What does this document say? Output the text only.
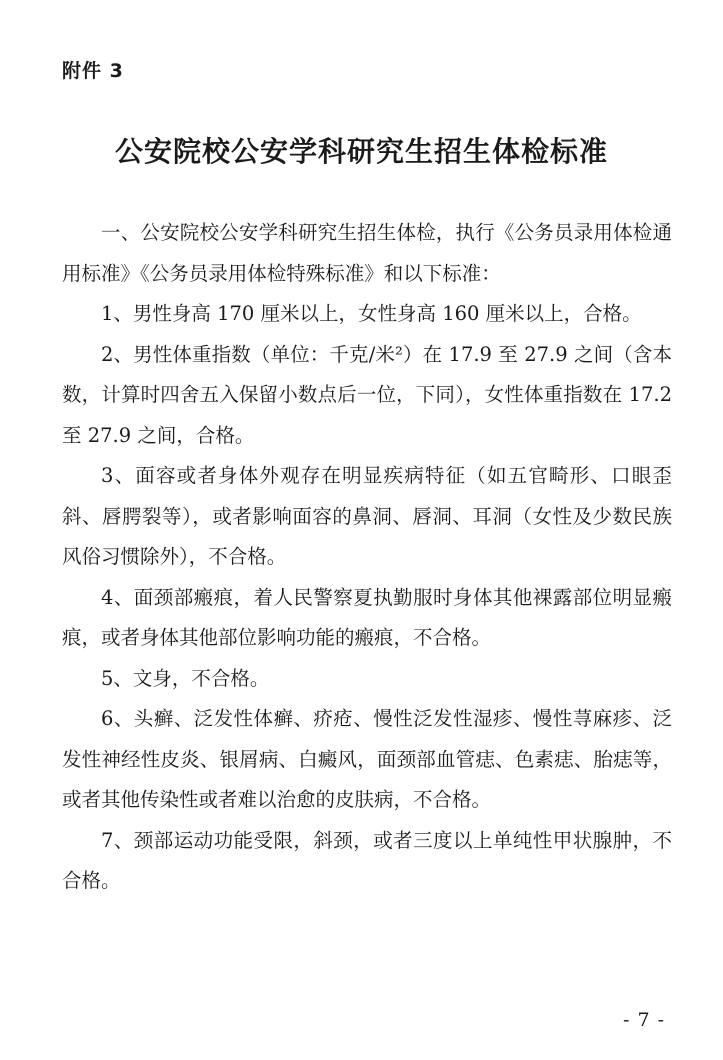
附件 3
公安院校公安学科研究生招生体检标准

一、公安院校公安学科研究生招生体检，执行《公务员录用体检通用标准》《公务员录用体检特殊标准》和以下标准：

1、男性身高 170 厘米以上，女性身高 160 厘米以上，合格。

2、男性体重指数（单位：千克/米²）在 17.9 至 27.9 之间（含本数，计算时四舍五入保留小数点后一位，下同），女性体重指数在 17.2 至 27.9 之间，合格。

3、面容或者身体外观存在明显疾病特征（如五官畸形、口眼歪斜、唇腭裂等），或者影响面容的鼻洞、唇洞、耳洞（女性及少数民族风俗习惯除外），不合格。

4、面颈部瘢痕，着人民警察夏执勤服时身体其他裸露部位明显瘢痕，或者身体其他部位影响功能的瘢痕，不合格。

5、文身，不合格。

6、头癣、泛发性体癣、疥疮、慢性泛发性湿疹、慢性荨麻疹、泛发性神经性皮炎、银屑病、白癜风，面颈部血管痣、色素痣、胎痣等，或者其他传染性或者难以治愈的皮肤病，不合格。

7、颈部运动功能受限，斜颈，或者三度以上单纯性甲状腺肿，不合格。

- 7 -
